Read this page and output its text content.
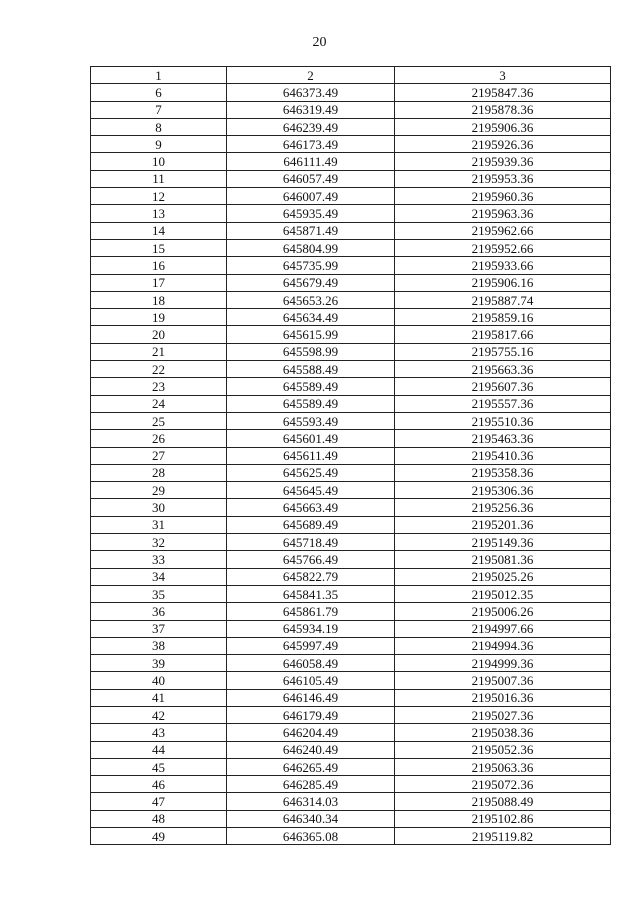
20
1	2	3
6	646373.49	2195847.36
7	646319.49	2195878.36
8	646239.49	2195906.36
9	646173.49	2195926.36
10	646111.49	2195939.36
11	646057.49	2195953.36
12	646007.49	2195960.36
13	645935.49	2195963.36
14	645871.49	2195962.66
15	645804.99	2195952.66
16	645735.99	2195933.66
17	645679.49	2195906.16
18	645653.26	2195887.74
19	645634.49	2195859.16
20	645615.99	2195817.66
21	645598.99	2195755.16
22	645588.49	2195663.36
23	645589.49	2195607.36
24	645589.49	2195557.36
25	645593.49	2195510.36
26	645601.49	2195463.36
27	645611.49	2195410.36
28	645625.49	2195358.36
29	645645.49	2195306.36
30	645663.49	2195256.36
31	645689.49	2195201.36
32	645718.49	2195149.36
33	645766.49	2195081.36
34	645822.79	2195025.26
35	645841.35	2195012.35
36	645861.79	2195006.26
37	645934.19	2194997.66
38	645997.49	2194994.36
39	646058.49	2194999.36
40	646105.49	2195007.36
41	646146.49	2195016.36
42	646179.49	2195027.36
43	646204.49	2195038.36
44	646240.49	2195052.36
45	646265.49	2195063.36
46	646285.49	2195072.36
47	646314.03	2195088.49
48	646340.34	2195102.86
49	646365.08	2195119.82
